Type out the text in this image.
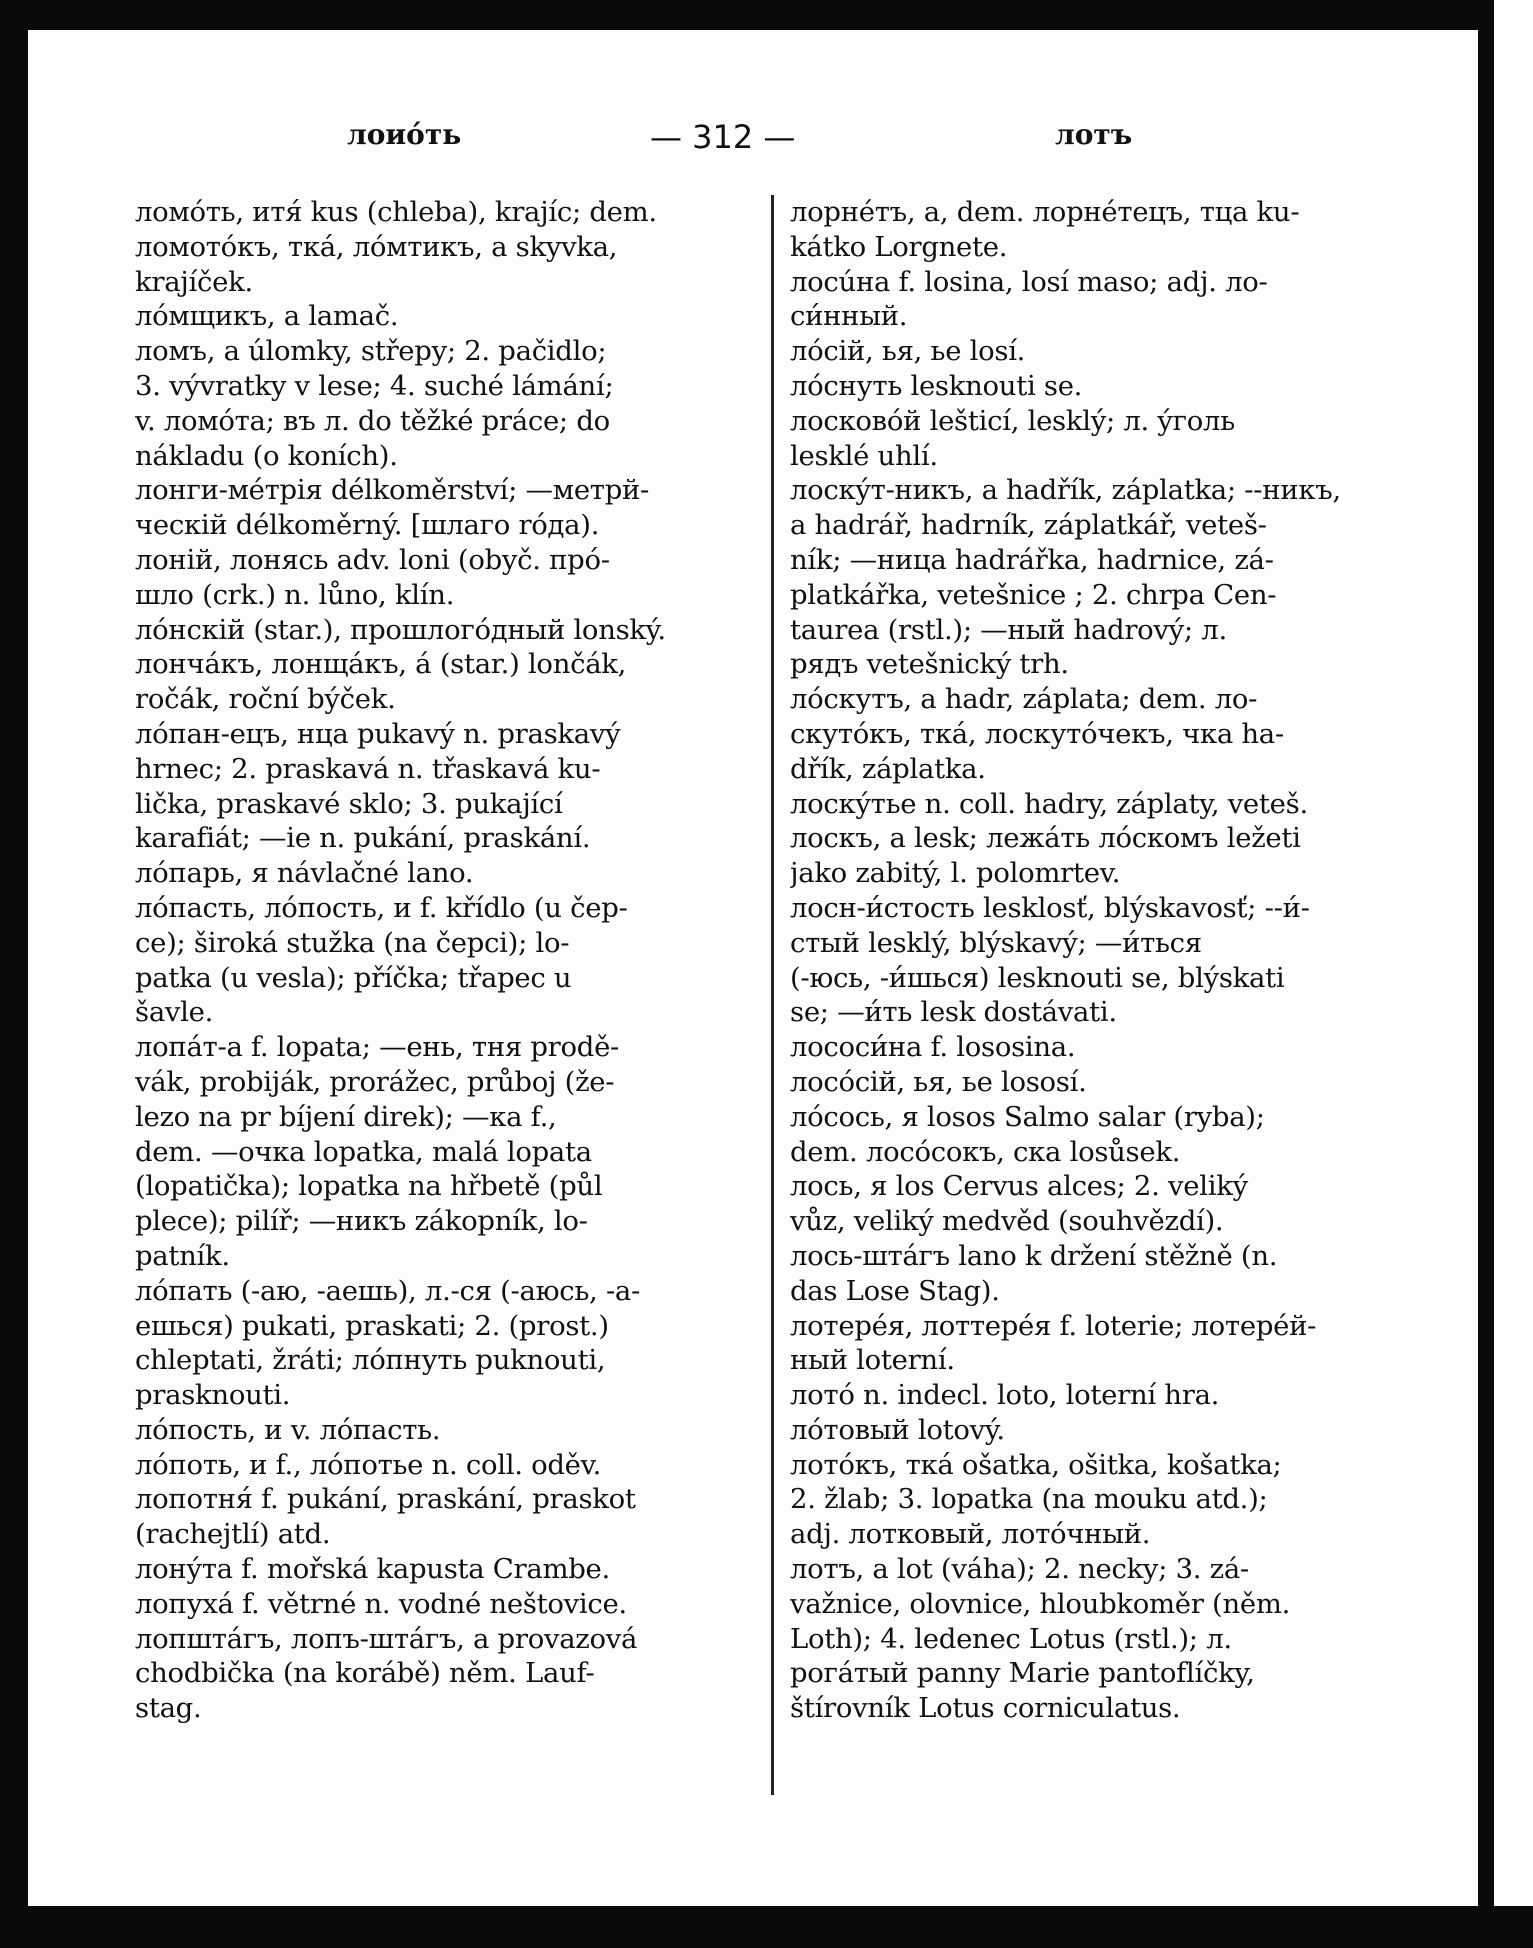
лоиóть	— 312 —	лотъ
ломóть, итя́ kus (chleba), krajíc; dem.
ломотóкъ, тка́, лóмтикъ, а skyvka,
krajíček.
лóмщикъ, а lamač.
ломъ, а úlomky, střepy; 2. pačidlo;
3. vývratky v lese; 4. suché lámání;
v. ломóта; въ л. do těžké práce; do
nákladu (o koních).
лонги-мéтрія délkoměrství; —метрй-
ческій délkoměrný. [шлаго róда).
лоній, лонясь adv. loni (obyč. про́-
шло (crk.) n. lůno, klín.
лóнскій (star.), прошлогóдный lonský.
лончáкъ, лонщáкъ, á (star.) lončák,
ročák, roční býček.
лóпан-ецъ, нца pukavý n. praskavý
hrnec; 2. praskavá n. třaskavá ku-
lička, praskavé sklo; 3. pukající
karafiát; —іе n. pukání, praskání.
лóпарь, я návlačné lano.
лóпасть, лóпость, и f. křídlo (u čep-
ce); široká stužka (na čepci); lo-
patka (u vesla); příčka; třapec u
šavle.
лопáт-а f. lopata; —ень, тня prodě-
vák, probiják, prorážec, průboj (že-
lezo na pr bíjení direk); —ка f.,
dem. —очка lopatka, malá lopata
(lopatička); lopatka na hřbetě (půl
plece); pilíř; —никъ zákopník, lo-
patník.
лóпать (-аю, -аешь), л.-ся (-аюсь, -а-
ешься) pukati, praskati; 2. (prost.)
chleptati, žráti; лóпнуть puknouti,
prasknouti.
лóпость, и v. лóпасть.
лóпоть, и f., лóпотье n. coll. oděv.
лопотня́ f. pukání, praskání, praskot
(rachejtlí) atd.
лонýта f. mořská kapusta Crambe.
лопухá f. větrné n. vodné neštovice.
лопштáгъ, лопъ-штáгъ, а provazová
chodbička (na korábě) něm. Lauf-
stag.
лорнéтъ, а, dem. лорнéтецъ, тца ku-
kátko Lorgnete.
лосúна f. losina, losí maso; adj. ло-
си́нный.
лóсій, ья, ье losí.
лóснуть lesknouti se.
лосковóй lešticí, lesklý; л. ýголь
lesklé uhlí.
лоскýт-никъ, а hadřík, záplatka; --никъ,
а hadrář, hadrník, záplatkář, veteš-
ník; —ница hadrářka, hadrnice, zá-
platkářka, vetešnice ; 2. chrpa Cen-
taurea (rstl.); —ный hadrový; л.
рядъ vetešnický trh.
лóскутъ, а hadr, záplata; dem. ло-
скутóкъ, тка́, лоскутóчекъ, чка ha-
dřík, záplatka.
лоскýтье n. coll. hadry, záplaty, veteš.
лоскъ, а lesk; лежáть лóскомъ ležeti
jako zabitý, l. polomrtev.
лосн-и́стость lesklosť, blýskavosť; --и́-
стый lesklý, blýskavý; —и́ться
(-юсь, -и́шься) lesknouti se, blýskati
se; —и́ть lesk dostávati.
лососи́на f. lososina.
лосóсій, ья, ье lososí.
лóсось, я losos Salmo salar (ryba);
dem. лосóсокъ, ска losůsek.
лось, я los Cervus alces; 2. veliký
vůz, veliký medvěd (souhvězdí).
лось-штáгъ lano k držení stěžně (n.
das Lose Stag).
лотерéя, лоттерéя f. loterie; лотерéй-
ный loterní.
лотó n. indecl. loto, loterní hra.
лóтовый lotový.
лотóкъ, тка́ ošatka, ošitka, košatka;
2. žlab; 3. lopatka (na mouku atd.);
adj. лотковый, лотóчный.
лотъ, а lot (váha); 2. necky; 3. zá-
važnice, olovnice, hloubkoměr (něm.
Loth); 4. ledenec Lotus (rstl.); л.
рогáтый panny Marie pantoflíčky,
štírovník Lotus corniculatus.
